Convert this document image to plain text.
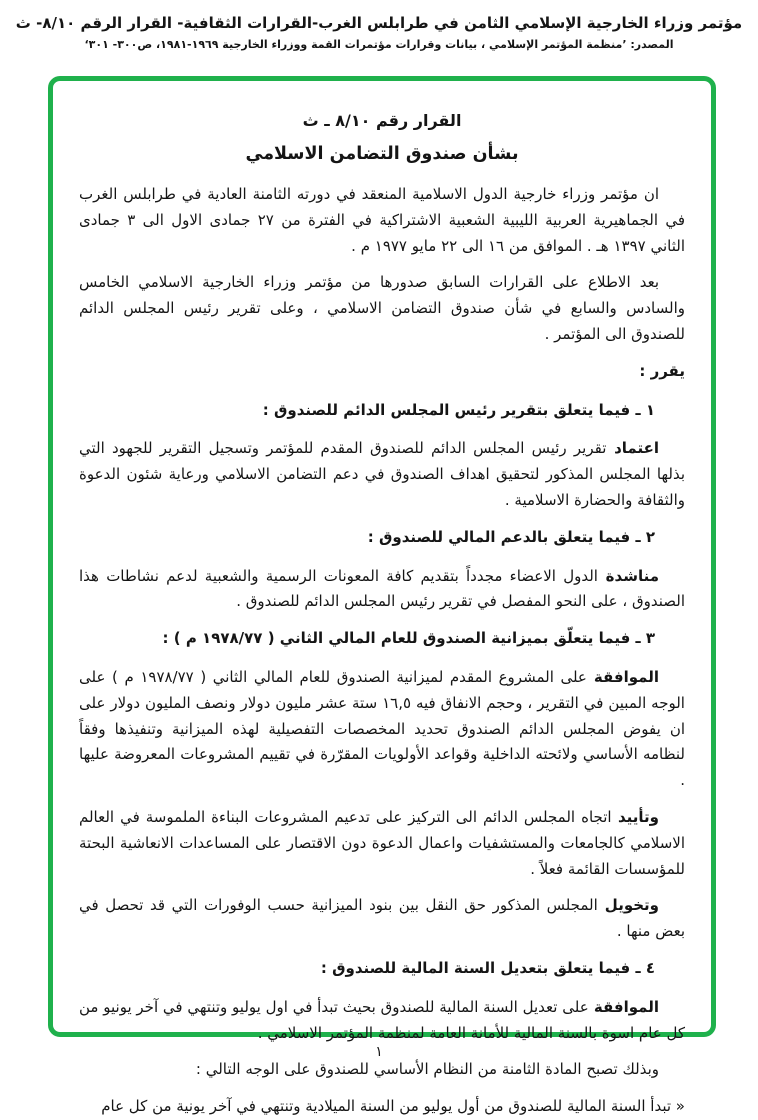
مؤتمر وزراء الخارجية الإسلامي الثامن في طرابلس الغرب-القرارات الثقافية- القرار الرقم ٨/١٠- ث
المصدر: ’منظمة المؤتمر الإسلامي ، بيانات وقرارات مؤتمرات القمة ووزراء الخارجية ١٩٦٩-١٩٨١، ص٣٠٠- ٣٠١‘
القرار رقم ٨/١٠ ـ ث
بشأن صندوق التضامن الاسلامي

ان مؤتمر وزراء خارجية الدول الاسلامية المنعقد في دورته الثامنة العادية في طرابلس الغرب في الجماهيرية العربية الليبية الشعبية الاشتراكية في الفترة من ٢٧ جمادى الاول الى ٣ جمادى الثاني ١٣٩٧ هـ . الموافق من ١٦ الى ٢٢ مايو ١٩٧٧ م .

بعد الاطلاع على القرارات السابق صدورها من مؤتمر وزراء الخارجية الاسلامي الخامس والسادس والسابع في شأن صندوق التضامن الاسلامي ، وعلى تقرير رئيس المجلس الدائم للصندوق الى المؤتمر .

يقرر :

١ ـ فيما يتعلق بتقرير رئيس المجلس الدائم للصندوق :

اعتماد تقرير رئيس المجلس الدائم للصندوق المقدم للمؤتمر وتسجيل التقرير للجهود التي بذلها المجلس المذكور لتحقيق اهداف الصندوق في دعم التضامن الاسلامي ورعاية شئون الدعوة والثقافة والحضارة الاسلامية .

٢ ـ فيما يتعلق بالدعم المالي للصندوق :

مناشدة الدول الاعضاء مجدداً بتقديم كافة المعونات الرسمية والشعبية لدعم نشاطات هذا الصندوق ، على النحو المفصل في تقرير رئيس المجلس الدائم للصندوق .

٣ ـ فيما يتعلّق بميزانية الصندوق للعام المالي الثاني ( ١٩٧٨/٧٧ م ) :

الموافقة على المشروع المقدم لميزانية الصندوق للعام المالي الثاني ( ١٩٧٨/٧٧ م ) على الوجه المبين في التقرير ، وحجم الانفاق فيه ١٦,٥ ستة عشر مليون دولار ونصف المليون دولار على ان يفوض المجلس الدائم الصندوق تحديد المخصصات التفصيلية لهذه الميزانية وتنفيذها وفقاً لنظامه الأساسي ولائحته الداخلية وقواعد الأولويات المقرّرة في تقييم المشروعات المعروضة عليها .

وتأييد اتجاه المجلس الدائم الى التركيز على تدعيم المشروعات البناءة الملموسة في العالم الاسلامي كالجامعات والمستشفيات واعمال الدعوة دون الاقتصار على المساعدات الانعاشية البحتة للمؤسسات القائمة فعلاً .

وتخويل المجلس المذكور حق النقل بين بنود الميزانية حسب الوفورات التي قد تحصل في بعض منها .

٤ ـ فيما يتعلق بتعديل السنة المالية للصندوق :

الموافقة على تعديل السنة المالية للصندوق بحيث تبدأ في اول يوليو وتنتهي في آخر يونيو من كل عام اسوة بالسنة المالية للأمانة العامة لمنظمة المؤتمر الاسلامي .

وبذلك تصبح المادة الثامنة من النظام الأساسي للصندوق على الوجه التالي :

« تبدأ السنة المالية للصندوق من أول يوليو من السنة الميلادية وتنتهي في آخر يونية من كل عام

١
